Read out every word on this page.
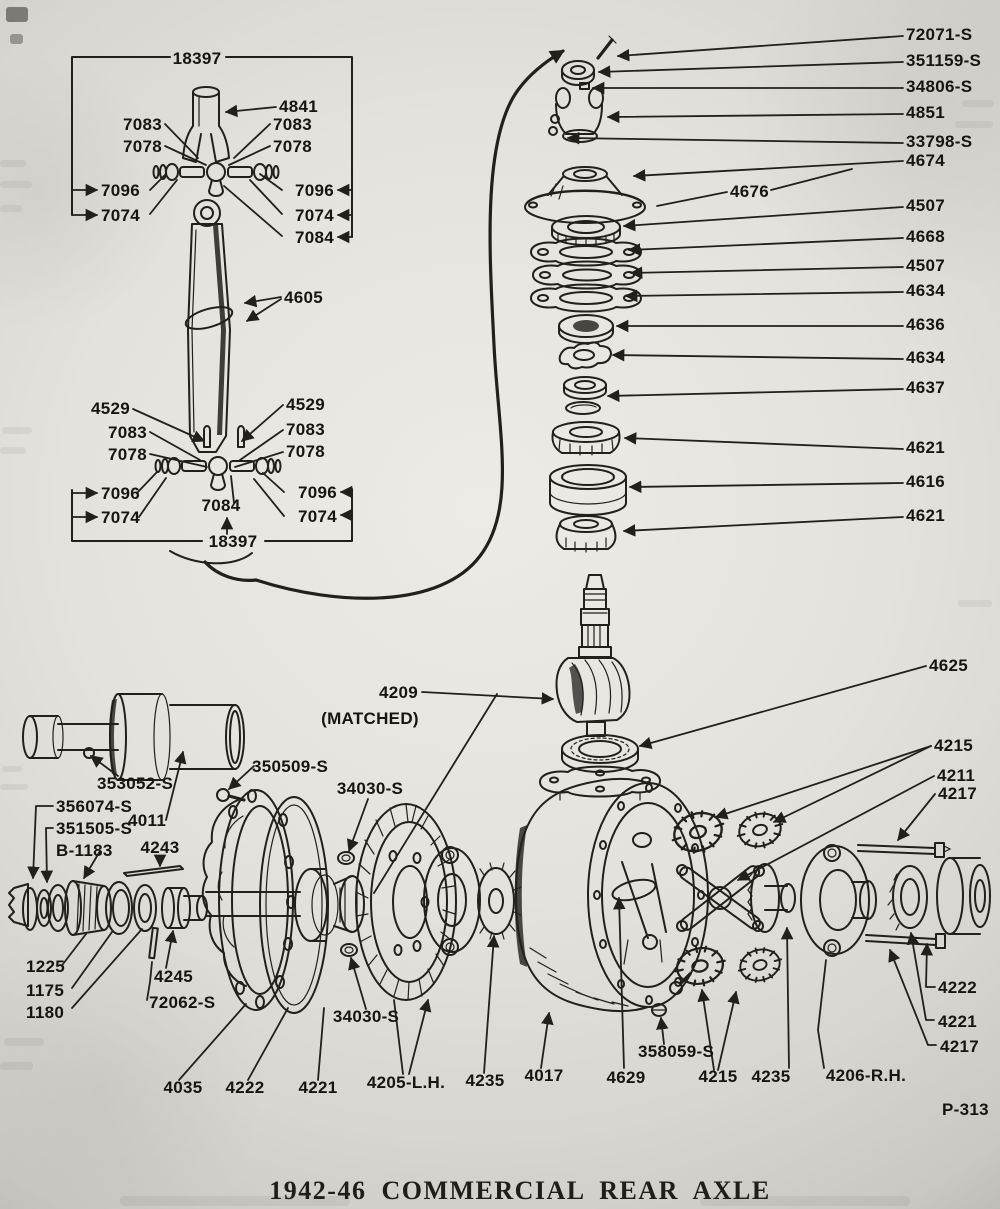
18397
4841
7083
7078
7083
7078
7096
7074
7096
7074
7084
4605
4529	4529
7083
7078
7083
7078
7096
7074
7096
7074
7084
18397
72071-S
351159-S
34806-S
4851
33798-S
4674
4676
4507
4668
4507
4634
4636
4634
4637
4621
4616
4621
4625
4209
(MATCHED)
4215
4211
4217
353052-S
350509-S
356074-S
351505-S
B-1183
4011
4243
1225
1175
1180
4245
72062-S
4035 4222 4221
34030-S
34030-S
4205-L.H. 4235 4017
358059-S
4629	4215 4235 4206-R.H.
4222
4221
4217
P-313
1942-46 COMMERCIAL REAR AXLE
